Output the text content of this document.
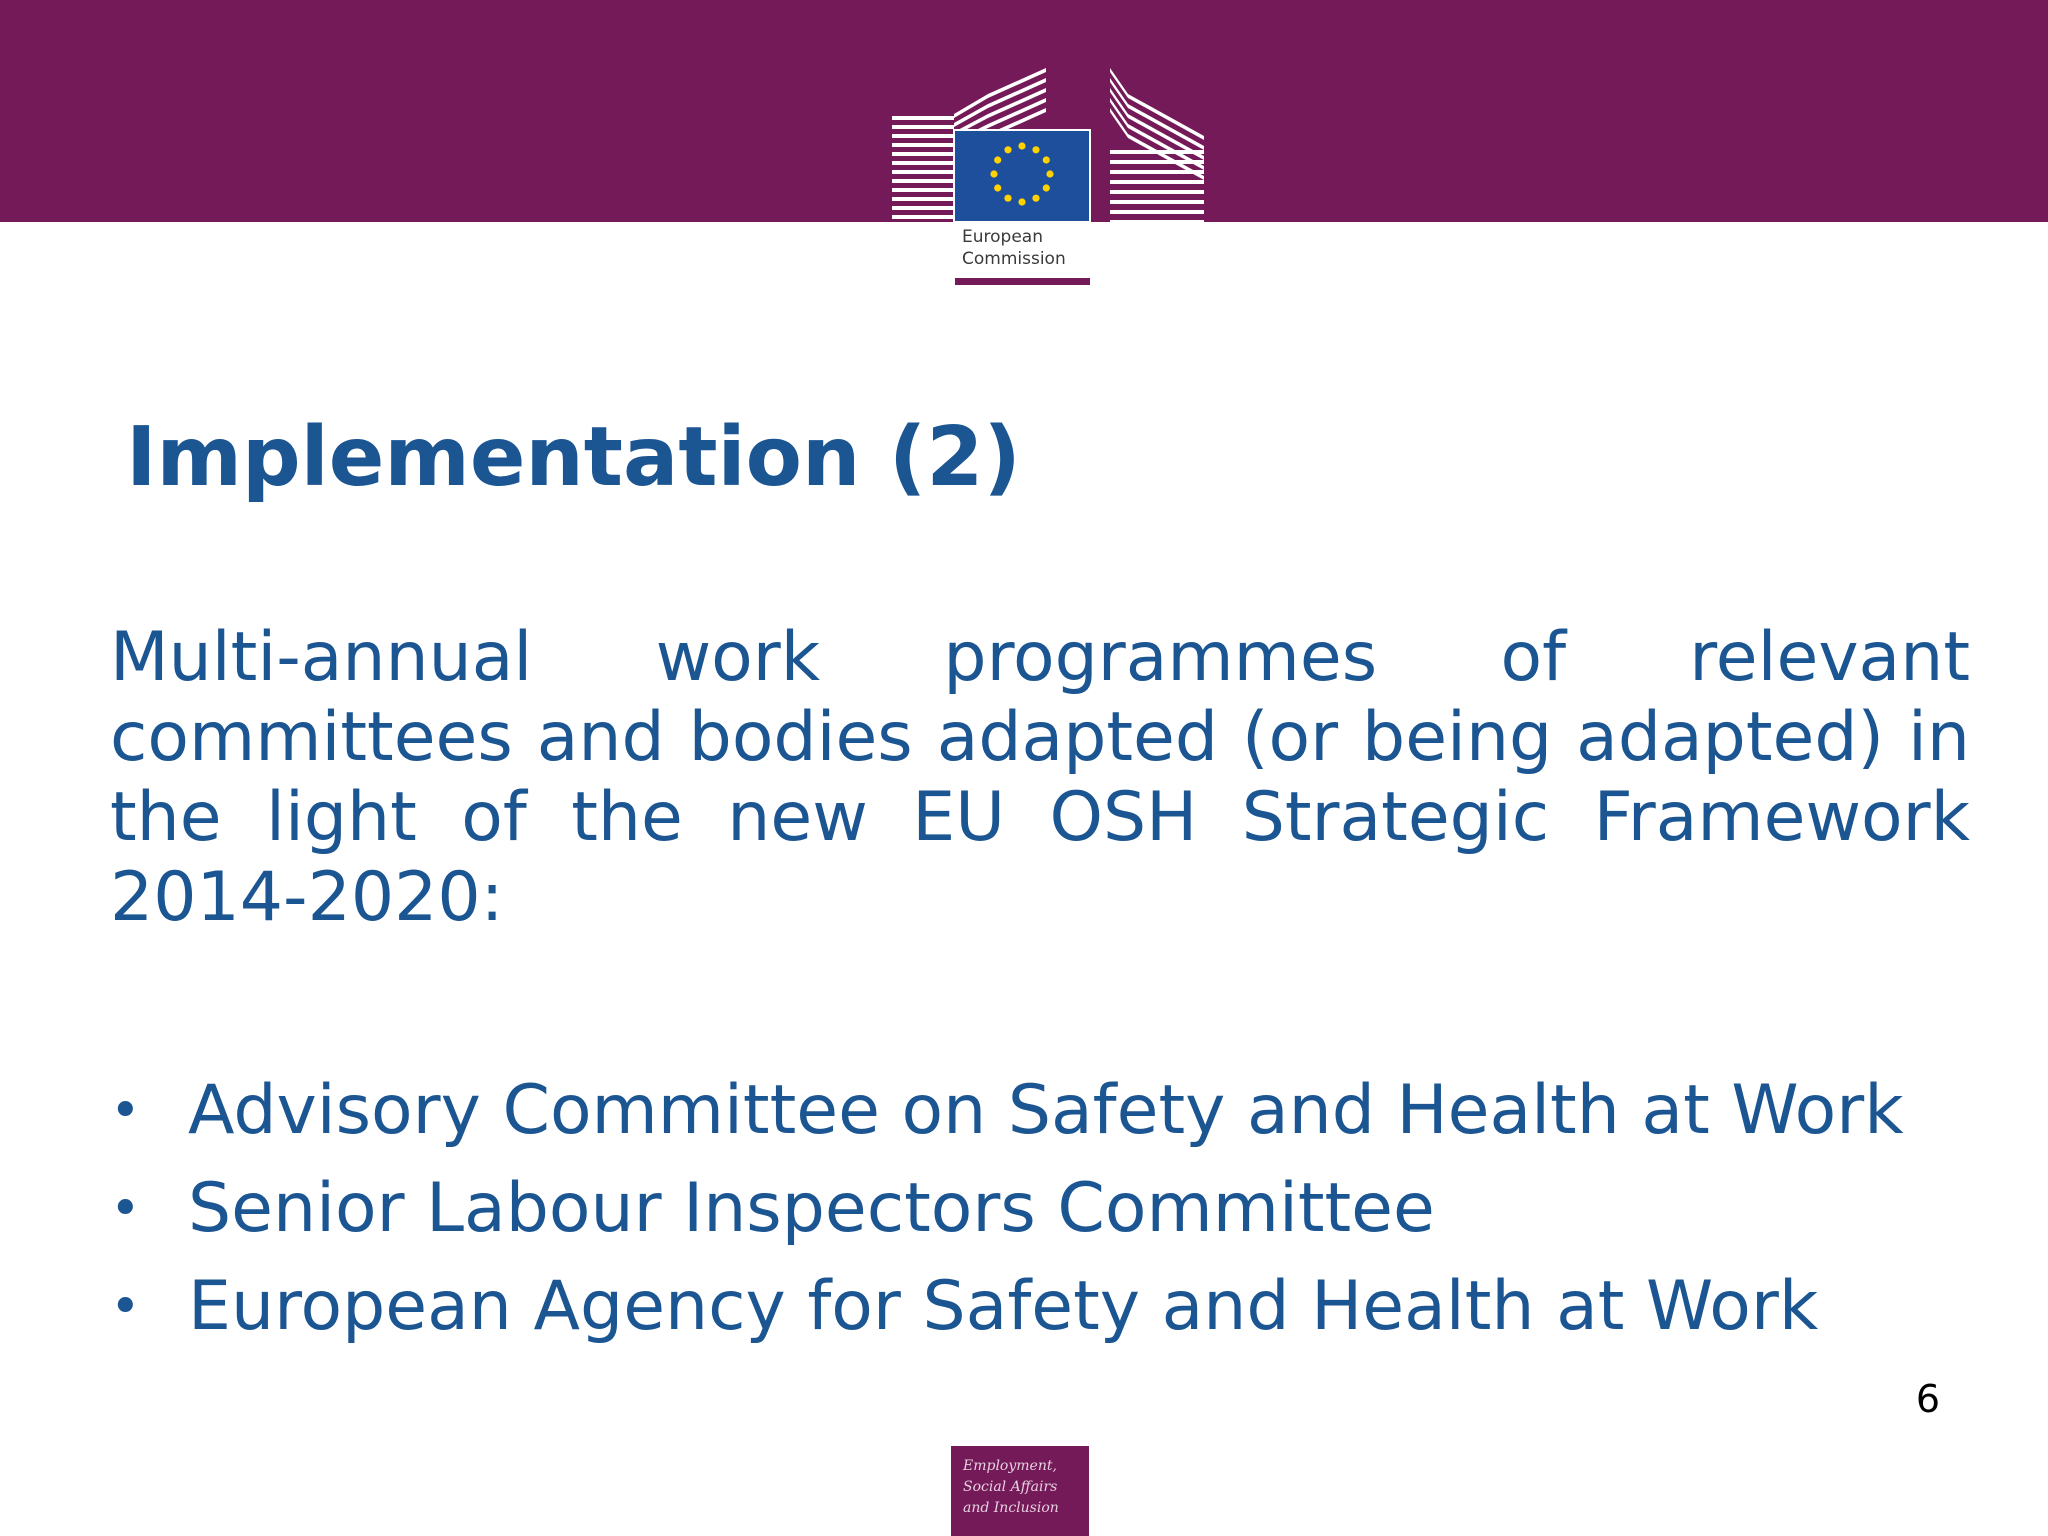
European
Commission
Implementation (2)

Multi-annual work programmes of relevant committees and bodies adapted (or being adapted) in the light of the new EU OSH Strategic Framework 2014-2020:

• Advisory Committee on Safety and Health at Work
• Senior Labour Inspectors Committee
• European Agency for Safety and Health at Work
6
Employment,
Social Affairs
and Inclusion
